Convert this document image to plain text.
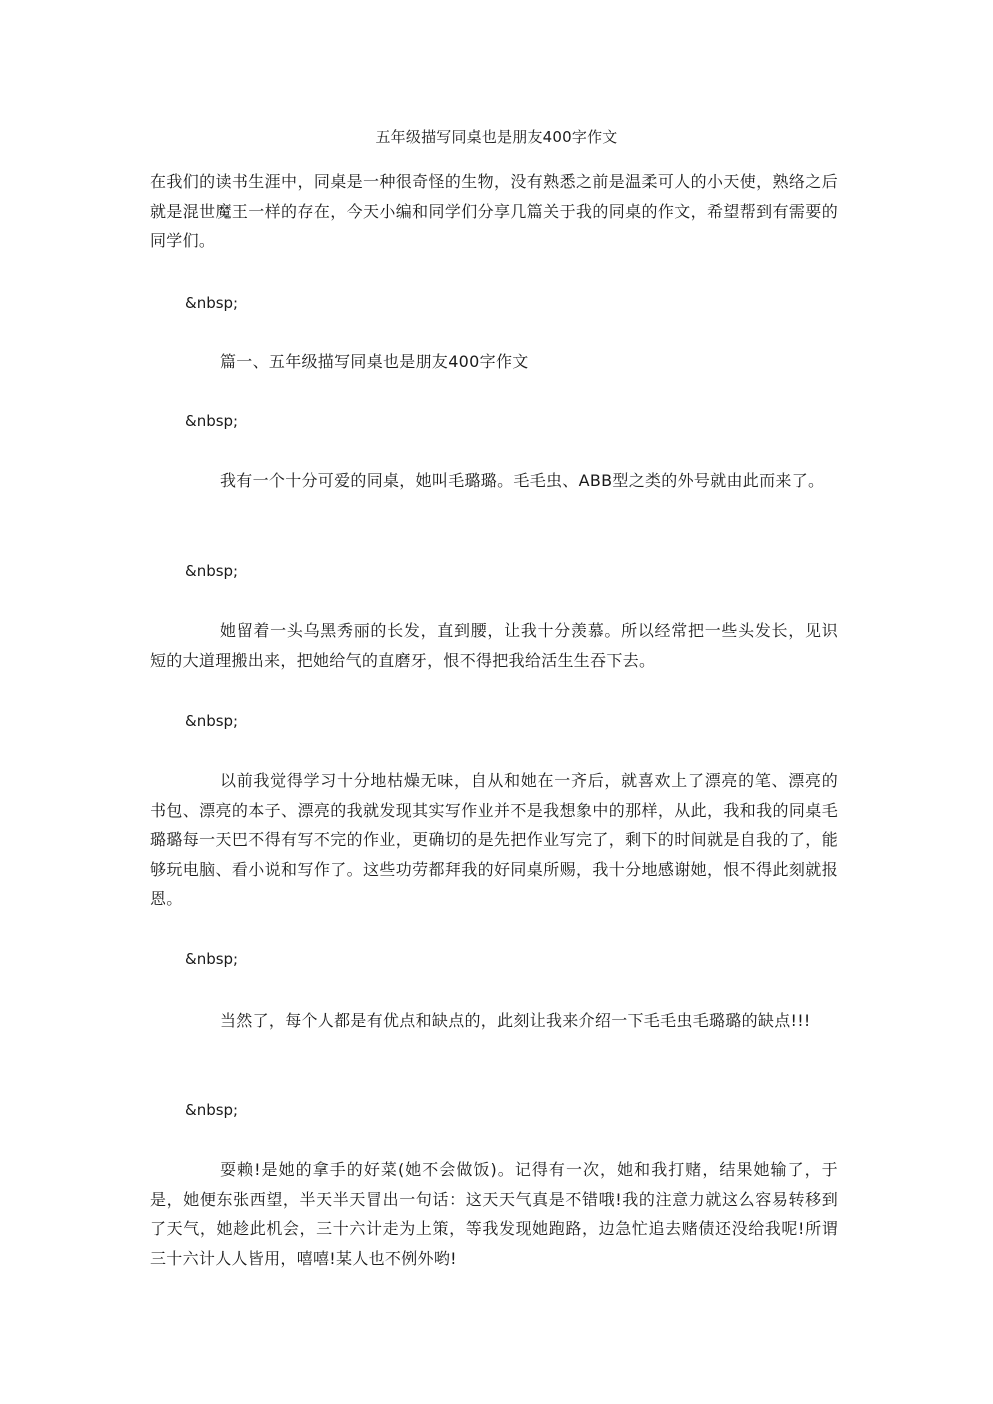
五年级描写同桌也是朋友400字作文

在我们的读书生涯中，同桌是一种很奇怪的生物，没有熟悉之前是温柔可人的小天使，熟络之后就是混世魔王一样的存在，今天小编和同学们分享几篇关于我的同桌的作文，希望帮到有需要的同学们。

&nbsp;

篇一、五年级描写同桌也是朋友400字作文

&nbsp;

我有一个十分可爱的同桌，她叫毛璐璐。毛毛虫、ABB型之类的外号就由此而来了。

&nbsp;

她留着一头乌黑秀丽的长发，直到腰，让我十分羡慕。所以经常把一些头发长，见识短的大道理搬出来，把她给气的直磨牙，恨不得把我给活生生吞下去。

&nbsp;

以前我觉得学习十分地枯燥无味，自从和她在一齐后，就喜欢上了漂亮的笔、漂亮的书包、漂亮的本子、漂亮的我就发现其实写作业并不是我想象中的那样，从此，我和我的同桌毛璐璐每一天巴不得有写不完的作业，更确切的是先把作业写完了，剩下的时间就是自我的了，能够玩电脑、看小说和写作了。这些功劳都拜我的好同桌所赐，我十分地感谢她，恨不得此刻就报恩。

&nbsp;

当然了，每个人都是有优点和缺点的，此刻让我来介绍一下毛毛虫毛璐璐的缺点!!!

&nbsp;

耍赖!是她的拿手的好菜(她不会做饭)。记得有一次，她和我打赌，结果她输了，于是，她便东张西望，半天半天冒出一句话：这天天气真是不错哦!我的注意力就这么容易转移到了天气，她趁此机会，三十六计走为上策，等我发现她跑路，边急忙追去赌债还没给我呢!所谓三十六计人人皆用，嘻嘻!某人也不例外哟!
